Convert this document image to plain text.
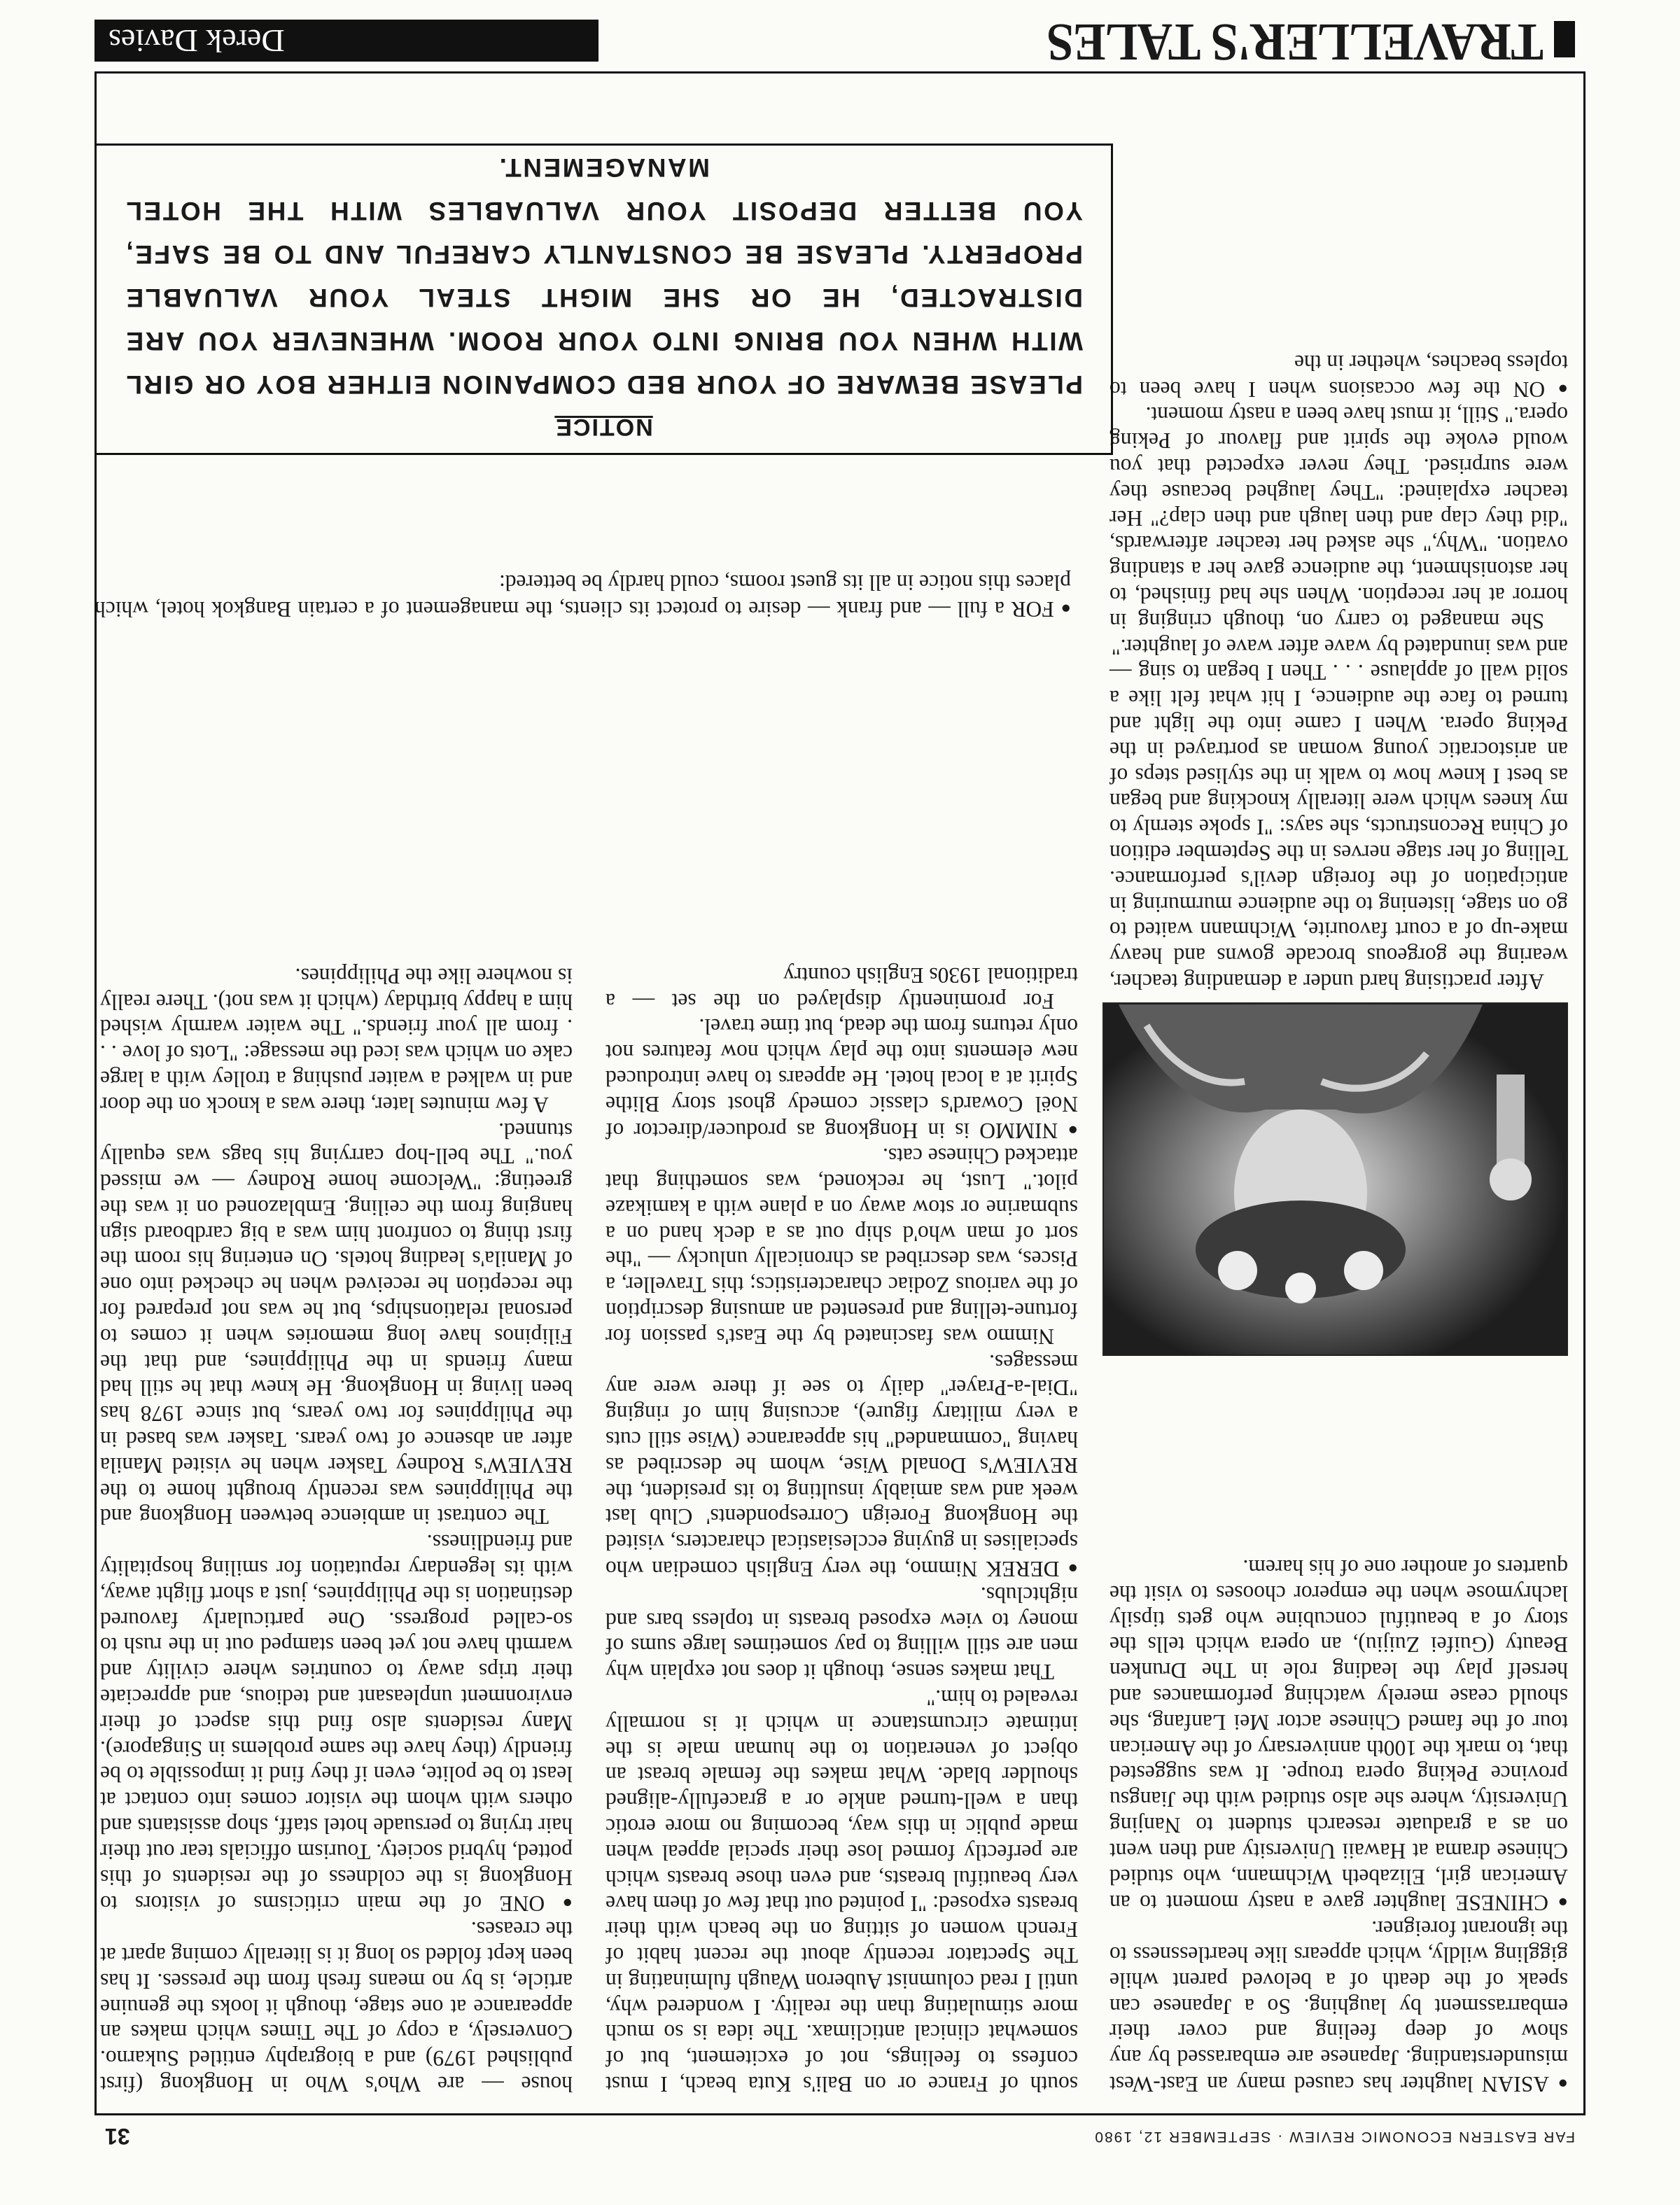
FAR EASTERN ECONOMIC REVIEW · SEPTEMBER 12, 1980
31

●ASIAN laughter has caused many an East-West misunderstanding. Japanese are embarassed by any show of deep feeling and cover their embarrassment by laughing. So a Japanese can speak of the death of a beloved parent while giggling wildly, which appears like heartlessness to the ignorant foreigner.

●CHINESE laughter gave a nasty moment to an American girl, Elizabeth Wichmann, who studied Chinese drama at Hawaii University and then went on as a graduate research student to Nanjing University, where she also studied with the Jiangsu province Peking opera troupe. It was suggested that, to mark the 100th anniversary of the American tour of the famed Chinese actor Mei Lanfang, she should cease merely watching performances and herself play the leading role in The Drunken Beauty (Guifei Zuijiu), an opera which tells the story of a beautiful concubine who gets tipsily lachrymose when the emperor chooses to visit the quarters of another one of his harem.

After practising hard under a demanding teacher, wearing the gorgeous brocade gowns and heavy make-up of a court favourite, Wichmann waited to go on stage, listening to the audience murmuring in anticipation of the foreign devil's performance. Telling of her stage nerves in the September edition of China Reconstructs, she says: "I spoke sternly to my knees which were literally knocking and began as best I knew how to walk in the stylised steps of an aristocratic young woman as portrayed in the Peking opera. When I came into the light and turned to face the audience, I hit what felt like a solid wall of applause . . . Then I began to sing — and was inundated by wave after wave of laughter."

She managed to carry on, though cringing in horror at her reception. When she had finished, to her astonishment, the audience gave her a standing ovation. "Why," she asked her teacher afterwards, "did they clap and then laugh and then clap?" Her teacher explained: "They laughed because they were surprised. They never expected that you would evoke the spirit and flavour of Peking opera." Still, it must have been a nasty moment.

●ON the few occasions when I have been to topless beaches, whether in the

south of France or on Bali's Kuta beach, I must confess to feelings, not of excitement, but of somewhat clinical anticlimax. The idea is so much more stimulating than the reality. I wondered why, until I read columnist Auberon Waugh fulminating in The Spectator recently about the recent habit of French women of sitting on the beach with their breasts exposed: "I pointed out that few of them have very beautiful breasts, and even those breasts which are perfectly formed lose their special appeal when made public in this way, becoming no more erotic than a well-turned ankle or a gracefully-aligned shoulder blade. What makes the female breast an object of veneration to the human male is the intimate circumstance in which it is normally revealed to him."

That makes sense, though it does not explain why men are still willing to pay sometimes large sums of money to view exposed breasts in topless bars and nightclubs.

●DEREK Nimmo, the very English comedian who specialises in guying ecclesiastical characters, visited the Hongkong Foreign Correspondents' Club last week and was amiably insulting to its president, the REVIEW's Donald Wise, whom he described as having "commanded" his appearance (Wise still cuts a very military figure), accusing him of ringing "Dial-a-Prayer" daily to see if there were any messages.

Nimmo was fascinated by the East's passion for fortune-telling and presented an amusing description of the various Zodiac characteristics; this Traveller, a Pisces, was described as chronically unlucky — "the sort of man who'd ship out as a deck hand on a submarine or stow away on a plane with a kamikaze pilot." Lust, he reckoned, was something that attacked Chinese cats.

●NIMMO is in Hongkong as producer/director of Noël Coward's classic comedy ghost story Blithe Spirit at a local hotel. He appears to have introduced new elements into the play which now features not only returns from the dead, but time travel.

For prominently displayed on the set — a traditional 1930s English country

house — are Who's Who in Hongkong (first published 1979) and a biography entitled Sukarno. Conversely, a copy of The Times which makes an appearance at one stage, though it looks the genuine article, is by no means fresh from the presses. It has been kept folded so long it is literally coming apart at the creases.

●ONE of the main criticisms of visitors to Hongkong is the coldness of the residents of this potted, hybrid society. Tourism officials tear out their hair trying to persuade hotel staff, shop assistants and others with whom the visitor comes into contact at least to be polite, even if they find it impossible to be friendly (they have the same problems in Singapore). Many residents also find this aspect of their environment unpleasant and tedious, and appreciate their trips away to countries where civility and warmth have not yet been stamped out in the rush to so-called progress. One particularly favoured destination is the Philippines, just a short flight away, with its legendary reputation for smiling hospitality and friendliness.

The contrast in ambience between Hongkong and the Philippines was recently brought home to the REVIEW's Rodney Tasker when he visited Manila after an absence of two years. Tasker was based in the Philippines for two years, but since 1978 has been living in Hongkong. He knew that he still had many friends in the Philippines, and that the Filipinos have long memories when it comes to personal relationships, but he was not prepared for the reception he received when he checked into one of Manila's leading hotels. On entering his room the first thing to confront him was a big cardboard sign hanging from the ceiling. Emblazoned on it was the greeting: "Welcome home Rodney — we missed you." The bell-hop carrying his bags was equally stunned.

A few minutes later, there was a knock on the door and in walked a waiter pushing a trolley with a large cake on which was iced the message: "Lots of love . . . from all your friends." The waiter warmly wished him a happy birthday (which it was not). There really is nowhere like the Philippines.

●FOR a full — and frank — desire to protect its clients, the management of a certain Bangkok hotel, which places this notice in all its guest rooms, could hardly be bettered:
NOTICE
PLEASE BEWARE OF YOUR BED COMPANION EITHER BOY OR GIRL WITH WHEN YOU BRING INTO YOUR ROOM. WHENEVER YOU ARE DISTRACTED, HE OR SHE MIGHT STEAL YOUR VALUABLE PROPERTY. PLEASE BE CONSTANTLY CAREFUL AND TO BE SAFE, YOU BETTER DEPOSIT YOUR VALUABLES WITH THE HOTEL MANAGEMENT.
TRAVELLER'S TALES
Derek Davies
